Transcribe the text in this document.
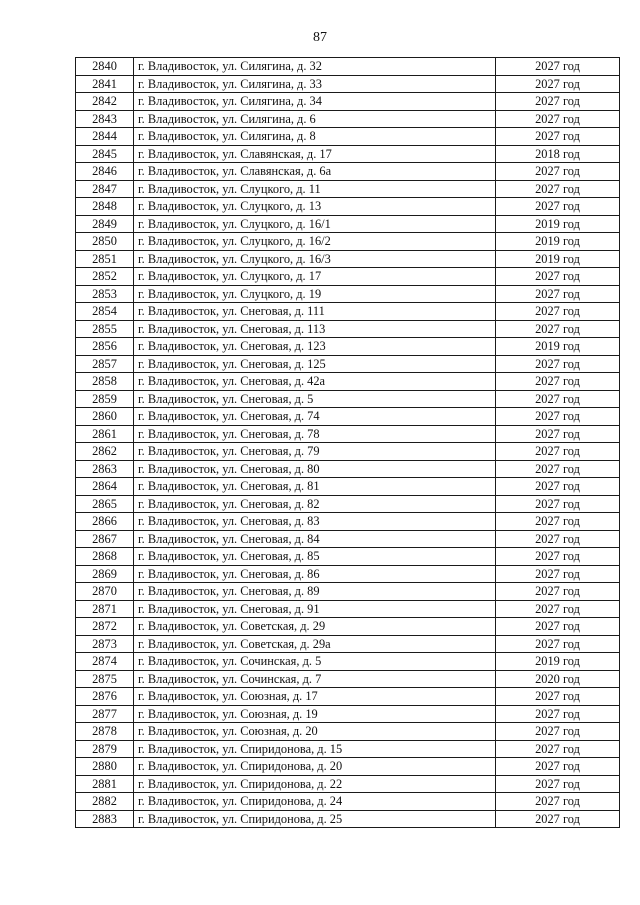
87
2840	г. Владивосток, ул. Силягина, д. 32	2027 год
2841	г. Владивосток, ул. Силягина, д. 33	2027 год
2842	г. Владивосток, ул. Силягина, д. 34	2027 год
2843	г. Владивосток, ул. Силягина, д. 6	2027 год
2844	г. Владивосток, ул. Силягина, д. 8	2027 год
2845	г. Владивосток, ул. Славянская, д. 17	2018 год
2846	г. Владивосток, ул. Славянская, д. 6а	2027 год
2847	г. Владивосток, ул. Слуцкого, д. 11	2027 год
2848	г. Владивосток, ул. Слуцкого, д. 13	2027 год
2849	г. Владивосток, ул. Слуцкого, д. 16/1	2019 год
2850	г. Владивосток, ул. Слуцкого, д. 16/2	2019 год
2851	г. Владивосток, ул. Слуцкого, д. 16/3	2019 год
2852	г. Владивосток, ул. Слуцкого, д. 17	2027 год
2853	г. Владивосток, ул. Слуцкого, д. 19	2027 год
2854	г. Владивосток, ул. Снеговая, д. 111	2027 год
2855	г. Владивосток, ул. Снеговая, д. 113	2027 год
2856	г. Владивосток, ул. Снеговая, д. 123	2019 год
2857	г. Владивосток, ул. Снеговая, д. 125	2027 год
2858	г. Владивосток, ул. Снеговая, д. 42а	2027 год
2859	г. Владивосток, ул. Снеговая, д. 5	2027 год
2860	г. Владивосток, ул. Снеговая, д. 74	2027 год
2861	г. Владивосток, ул. Снеговая, д. 78	2027 год
2862	г. Владивосток, ул. Снеговая, д. 79	2027 год
2863	г. Владивосток, ул. Снеговая, д. 80	2027 год
2864	г. Владивосток, ул. Снеговая, д. 81	2027 год
2865	г. Владивосток, ул. Снеговая, д. 82	2027 год
2866	г. Владивосток, ул. Снеговая, д. 83	2027 год
2867	г. Владивосток, ул. Снеговая, д. 84	2027 год
2868	г. Владивосток, ул. Снеговая, д. 85	2027 год
2869	г. Владивосток, ул. Снеговая, д. 86	2027 год
2870	г. Владивосток, ул. Снеговая, д. 89	2027 год
2871	г. Владивосток, ул. Снеговая, д. 91	2027 год
2872	г. Владивосток, ул. Советская, д. 29	2027 год
2873	г. Владивосток, ул. Советская, д. 29а	2027 год
2874	г. Владивосток, ул. Сочинская, д. 5	2019 год
2875	г. Владивосток, ул. Сочинская, д. 7	2020 год
2876	г. Владивосток, ул. Союзная, д. 17	2027 год
2877	г. Владивосток, ул. Союзная, д. 19	2027 год
2878	г. Владивосток, ул. Союзная, д. 20	2027 год
2879	г. Владивосток, ул. Спиридонова, д. 15	2027 год
2880	г. Владивосток, ул. Спиридонова, д. 20	2027 год
2881	г. Владивосток, ул. Спиридонова, д. 22	2027 год
2882	г. Владивосток, ул. Спиридонова, д. 24	2027 год
2883	г. Владивосток, ул. Спиридонова, д. 25	2027 год
